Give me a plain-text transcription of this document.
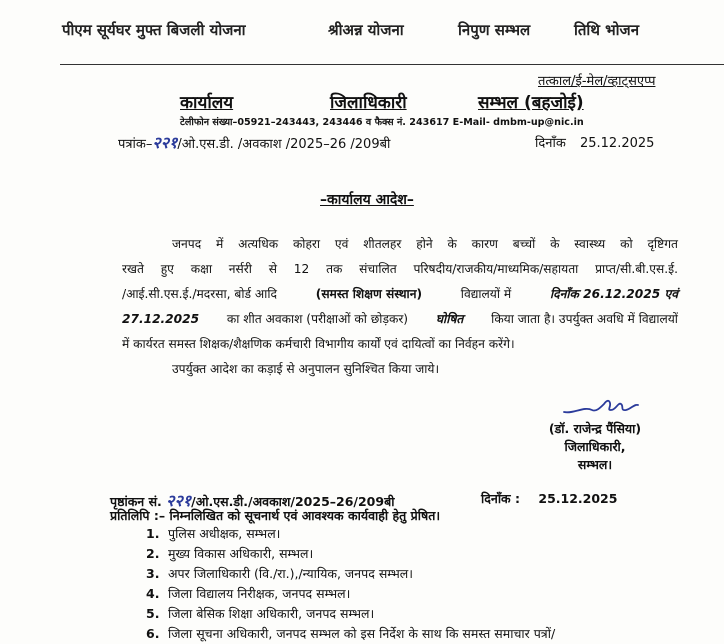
पीएम सूर्यघर मुफ्त बिजली योजना	श्रीअन्न योजना	निपुण सम्भल	तिथि भोजन
तत्काल/ई-मेल/व्हाट्सएप्प
कार्यालय	जिलाधिकारी	सम्भल (बहजोई)
टेलीफोन संख्या–05921–243443, 243446 व फैक्स नं. 243617 E-Mail- dmbm-up@nic.in
पत्रांक–२२१/ओ.एस.डी. /अवकाश /2025–26 /209बी	दिनाँक 25.12.2025
–कार्यालय आदेश–
जनपद में अत्यधिक कोहरा एवं शीतलहर होने के कारण बच्चों के स्वास्थ्य को दृष्टिगत
रखते हुए कक्षा नर्सरी से 12 तक संचालित परिषदीय/राजकीय/माध्यमिक/सहायता प्राप्त/सी.बी.एस.ई.
/आई.सी.एस.ई./मदरसा, बोर्ड आदि	(समस्त शिक्षण संस्थान)	विद्यालयों में	दिनाँक 26.12.2025 एवं
27.12.2025 का शीत अवकाश (परीक्षाओं को छोड़कर) घोषित किया जाता है। उपर्युक्त अवधि में विद्यालयों
में कार्यरत समस्त शिक्षक/शैक्षणिक कर्मचारी विभागीय कार्यों एवं दायित्वों का निर्वहन करेंगे।
उपर्युक्त आदेश का कड़ाई से अनुपालन सुनिश्चित किया जाये।
(डॉ. राजेन्द्र पैंसिया)
जिलाधिकारी,
सम्भल।
पृष्ठांकन सं. २२१/ओ.एस.डी./अवकाश/2025–26/209बी	दिनाँक : 25.12.2025
प्रतिलिपि :– निम्नलिखित को सूचनार्थ एवं आवश्यक कार्यवाही हेतु प्रेषित।
1. पुलिस अधीक्षक, सम्भल।
2. मुख्य विकास अधिकारी, सम्भल।
3. अपर जिलाधिकारी (वि./रा.),/न्यायिक, जनपद सम्भल।
4. जिला विद्यालय निरीक्षक, जनपद सम्भल।
5. जिला बेसिक शिक्षा अधिकारी, जनपद सम्भल।
6. जिला सूचना अधिकारी, जनपद सम्भल को इस निर्देश के साथ कि समस्त समाचार पत्रों/
